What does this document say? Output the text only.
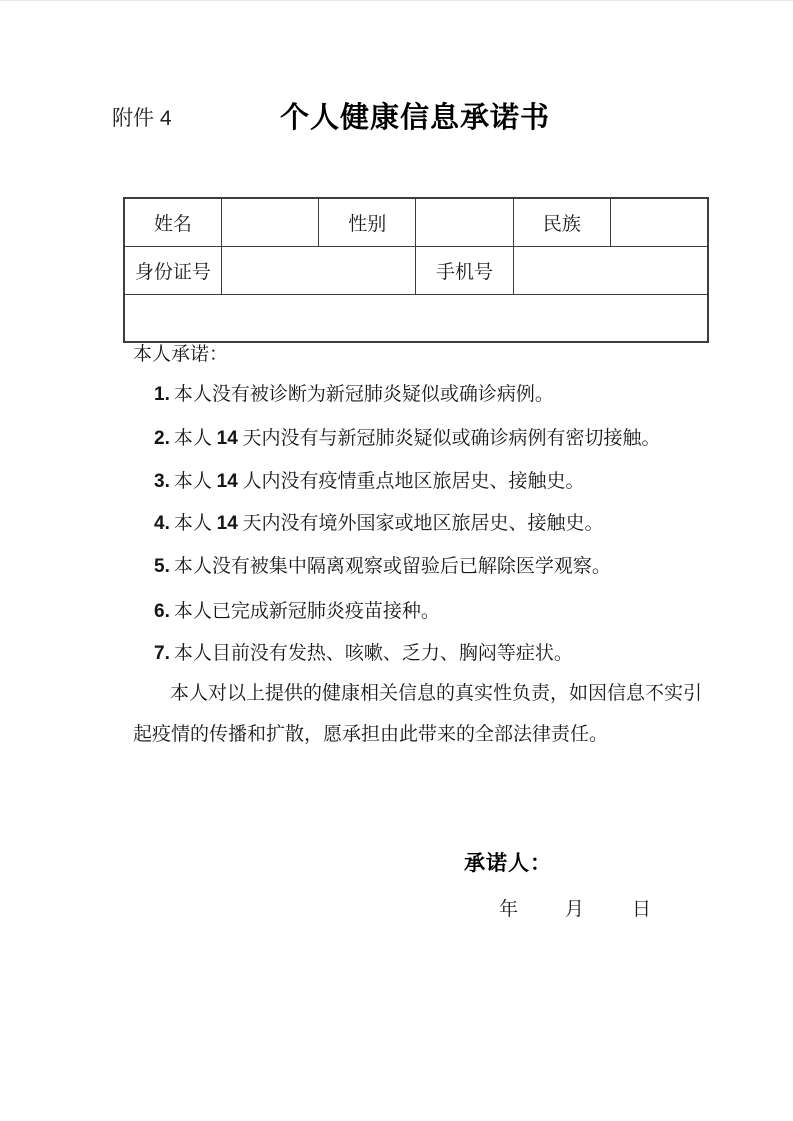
附件 4	个人健康信息承诺书
姓名		性别		民族	
身份证号			手机号		

本人承诺：
1. 本人没有被诊断为新冠肺炎疑似或确诊病例。
2. 本人 14 天内没有与新冠肺炎疑似或确诊病例有密切接触。
3. 本人 14 人内没有疫情重点地区旅居史、接触史。
4. 本人 14 天内没有境外国家或地区旅居史、接触史。
5. 本人没有被集中隔离观察或留验后已解除医学观察。
6. 本人已完成新冠肺炎疫苗接种。
7. 本人目前没有发热、咳嗽、乏力、胸闷等症状。
本人对以上提供的健康相关信息的真实性负责，如因信息不实引
起疫情的传播和扩散，愿承担由此带来的全部法律责任。
承诺人：
年 月	日
